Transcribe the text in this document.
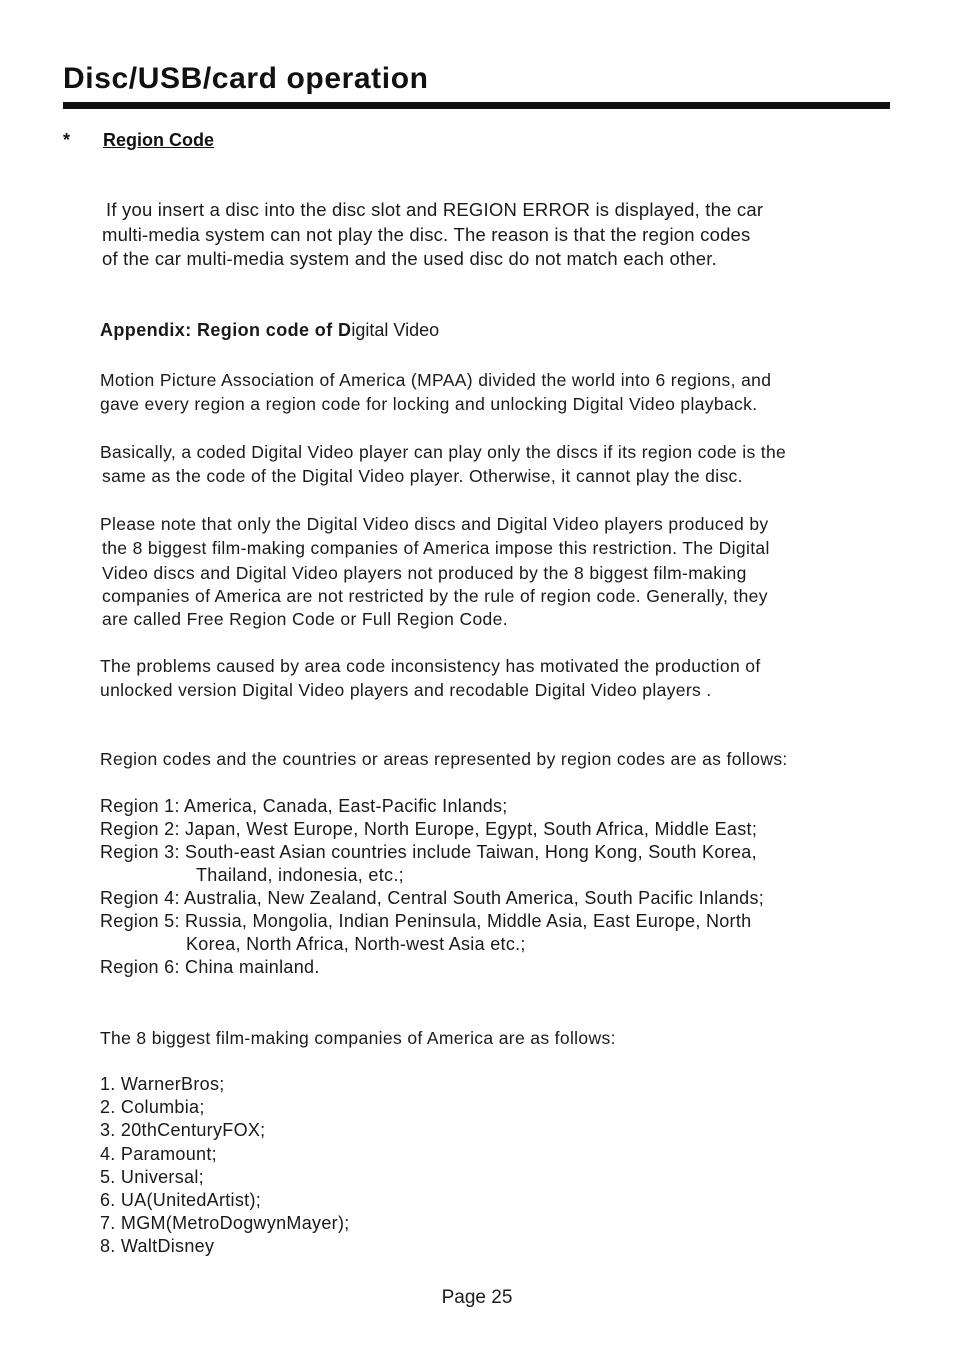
Disc/USB/card operation
* Region Code
If you insert a disc into the disc slot and REGION ERROR is displayed, the car
multi-media system can not play the disc. The reason is that the region codes
of the car multi-media system and the used disc do not match each other.
Appendix: Region code of Digital Video
Motion Picture Association of America (MPAA) divided the world into 6 regions, and
gave every region a region code for locking and unlocking Digital Video playback.
Basically, a coded Digital Video player can play only the discs if its region code is the
same as the code of the Digital Video player. Otherwise, it cannot play the disc.
Please note that only the Digital Video discs and Digital Video players produced by
the 8 biggest film-making companies of America impose this restriction. The Digital
Video discs and Digital Video players not produced by the 8 biggest film-making
companies of America are not restricted by the rule of region code. Generally, they
are called Free Region Code or Full Region Code.
The problems caused by area code inconsistency has motivated the production of
unlocked version Digital Video players and recodable Digital Video players .
Region codes and the countries or areas represented by region codes are as follows:
Region 1: America, Canada, East-Pacific Inlands;
Region 2: Japan, West Europe, North Europe, Egypt, South Africa, Middle East;
Region 3: South-east Asian countries include Taiwan, Hong Kong, South Korea,
Thailand, indonesia, etc.;
Region 4: Australia, New Zealand, Central South America, South Pacific Inlands;
Region 5: Russia, Mongolia, Indian Peninsula, Middle Asia, East Europe, North
Korea, North Africa, North-west Asia etc.;
Region 6: China mainland.
The 8 biggest film-making companies of America are as follows:
1. WarnerBros;
2. Columbia;
3. 20thCenturyFOX;
4. Paramount;
5. Universal;
6. UA(UnitedArtist);
7. MGM(MetroDogwynMayer);
8. WaltDisney
Page 25
